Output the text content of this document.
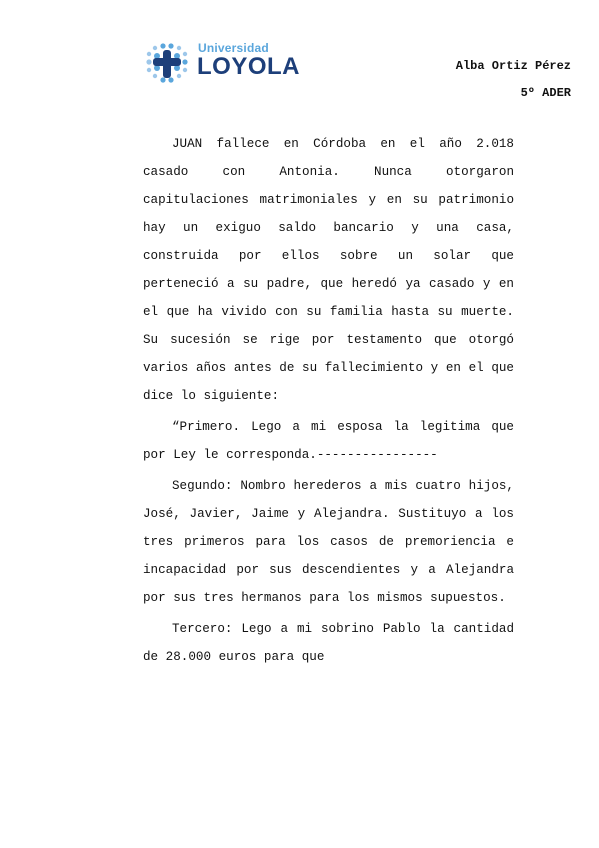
Universidad
LOYOLA	Alba Ortiz Pérez
5º ADER

JUAN fallece en Córdoba en el año 2.018 casado con Antonia. Nunca otorgaron capitulaciones matrimoniales y en su patrimonio hay un exiguo saldo bancario y una casa, construida por ellos sobre un solar que perteneció a su padre, que heredó ya casado y en el que ha vivido con su familia hasta su muerte. Su sucesión se rige por testamento que otorgó varios años antes de su fallecimiento y en el que dice lo siguiente:

“Primero. Lego a mi esposa la legitima que por Ley le corresponda.----------------

Segundo: Nombro herederos a mis cuatro hijos, José, Javier, Jaime y Alejandra. Sustituyo a los tres primeros para los casos de premoriencia e incapacidad por sus descendientes y a Alejandra por sus tres hermanos para los mismos supuestos.

Tercero: Lego a mi sobrino Pablo la cantidad de 28.000 euros para que
